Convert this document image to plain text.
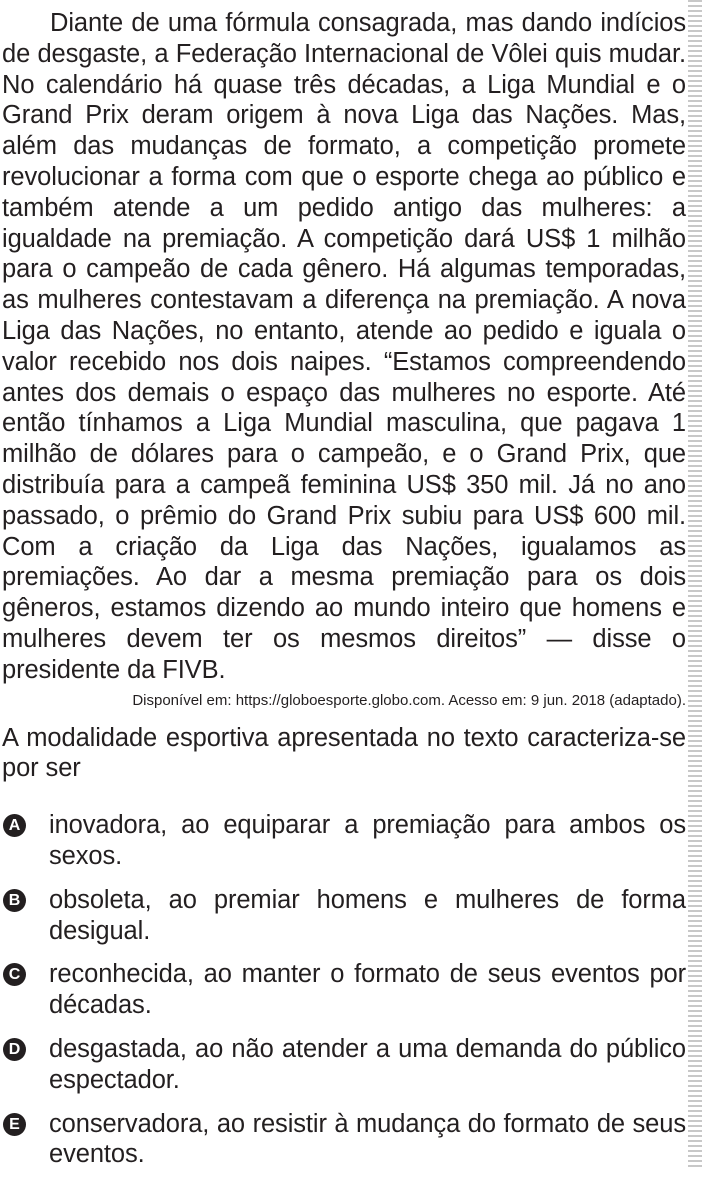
Diante de uma fórmula consagrada, mas dando indícios de desgaste, a Federação Internacional de Vôlei quis mudar. No calendário há quase três décadas, a Liga Mundial e o Grand Prix deram origem à nova Liga das Nações. Mas, além das mudanças de formato, a competição promete revolucionar a forma com que o esporte chega ao público e também atende a um pedido antigo das mulheres: a igualdade na premiação. A competição dará US$ 1 milhão para o campeão de cada gênero. Há algumas temporadas, as mulheres contestavam a diferença na premiação. A nova Liga das Nações, no entanto, atende ao pedido e iguala o valor recebido nos dois naipes. “Estamos compreendendo antes dos demais o espaço das mulheres no esporte. Até então tínhamos a Liga Mundial masculina, que pagava 1 milhão de dólares para o campeão, e o Grand Prix, que distribuía para a campeã feminina US$ 350 mil. Já no ano passado, o prêmio do Grand Prix subiu para US$ 600 mil. Com a criação da Liga das Nações, igualamos as premiações. Ao dar a mesma premiação para os dois gêneros, estamos dizendo ao mundo inteiro que homens e mulheres devem ter os mesmos direitos” — disse o presidente da FIVB.

Disponível em: https://globoesporte.globo.com. Acesso em: 9 jun. 2018 (adaptado).

A modalidade esportiva apresentada no texto caracteriza-se por ser

A inovadora, ao equiparar a premiação para ambos os sexos.
B obsoleta, ao premiar homens e mulheres de forma desigual.
C reconhecida, ao manter o formato de seus eventos por décadas.
D desgastada, ao não atender a uma demanda do público espectador.
E conservadora, ao resistir à mudança do formato de seus eventos.
